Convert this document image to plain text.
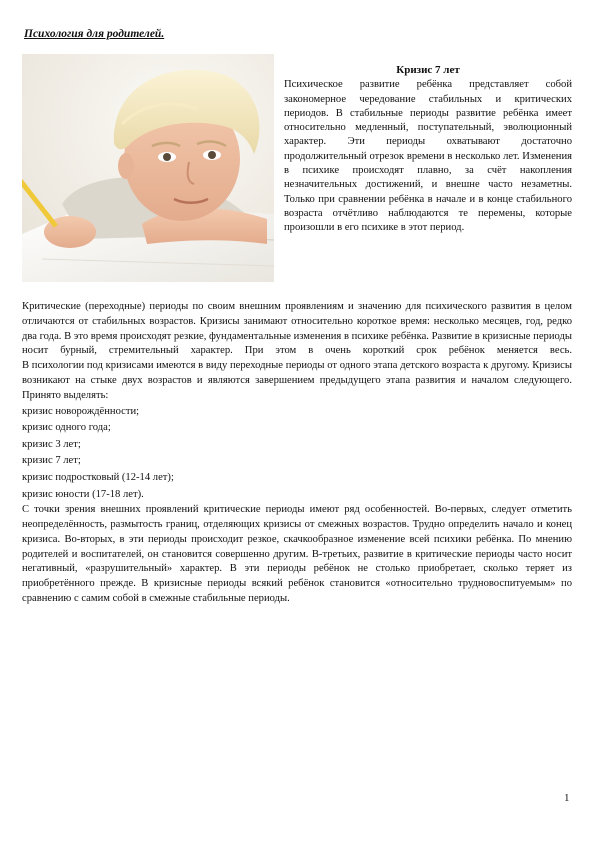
Психология для родителей.
Кризис 7 лет
Психическое развитие ребёнка представляет собой закономерное чередование стабильных и критических периодов. В стабильные периоды развитие ребёнка имеет относительно медленный, поступательный, эволюционный характер. Эти периоды охватывают достаточно продолжительный отрезок времени в несколько лет. Изменения в психике происходят плавно, за счёт накопления незначительных достижений, и внешне часто незаметны. Только при сравнении ребёнка в начале и в конце стабильного возраста отчётливо наблюдаются те перемены, которые произошли в его психике в этот период.

Критические (переходные) периоды по своим внешним проявлениям и значению для психического развития в целом отличаются от стабильных возрастов. Кризисы занимают относительно короткое время: несколько месяцев, год, редко два года. В это время происходят резкие, фундаментальные изменения в психике ребёнка. Развитие в кризисные периоды носит бурный, стремительный характер. При этом в очень короткий срок ребёнок меняется весь.

В психологии под кризисами имеются в виду переходные периоды от одного этапа детского возраста к другому. Кризисы возникают на стыке двух возрастов и являются завершением предыдущего этапа развития и началом следующего. Принято выделять:

кризис новорождённости;
кризис одного года;
кризис 3 лет;
кризис 7 лет;
кризис подростковый (12-14 лет);
кризис юности (17-18 лет).

С точки зрения внешних проявлений критические периоды имеют ряд особенностей. Во-первых, следует отметить неопределённость, размытость границ, отделяющих кризисы от смежных возрастов. Трудно определить начало и конец кризиса. Во-вторых, в эти периоды происходит резкое, скачкообразное изменение всей психики ребёнка. По мнению родителей и воспитателей, он становится совершенно другим. В-третьих, развитие в критические периоды часто носит негативный, «разрушительный» характер. В эти периоды ребёнок не столько приобретает, сколько теряет из приобретённого прежде. В кризисные периоды всякий ребёнок становится «относительно трудновоспитуемым» по сравнению с самим собой в смежные стабильные периоды.

1
